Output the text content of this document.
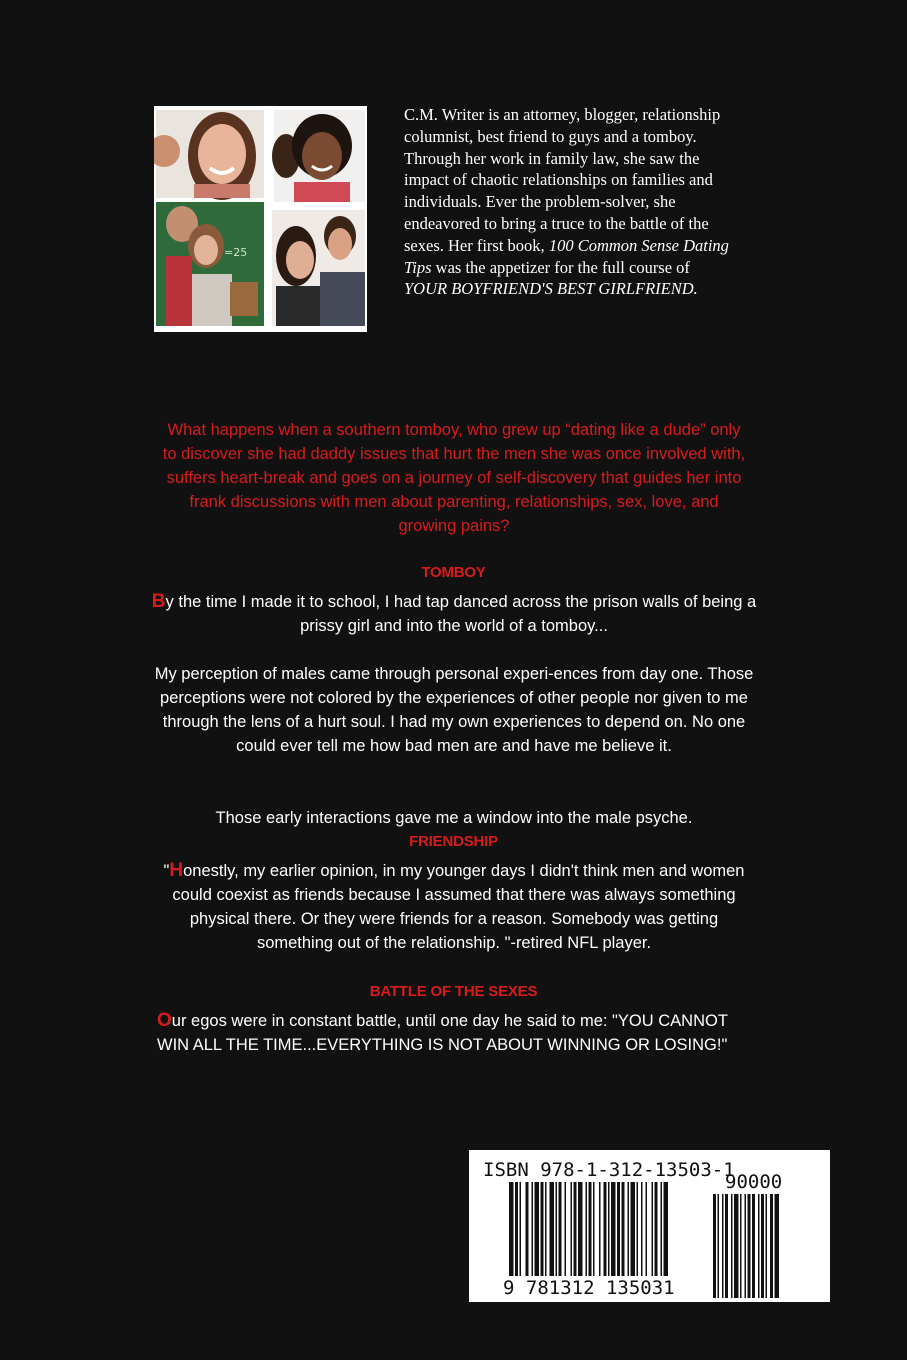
=25
C.M. Writer is an attorney, blogger, relationship columnist, best friend to guys and a tomboy. Through her work in family law, she saw the impact of chaotic relationships on families and individuals. Ever the problem-solver, she endeavored to bring a truce to the battle of the sexes. Her first book, 100 Common Sense Dating Tips was the appetizer for the full course of
YOUR BOYFRIEND'S BEST GIRLFRIEND.
What happens when a southern tomboy, who grew up “dating like a dude” only to discover she had daddy issues that hurt the men she was once involved with, suffers heart-break and goes on a journey of self-discovery that guides her into frank discussions with men about parenting, relationships, sex, love, and growing pains?
TOMBOY
By the time I made it to school, I had tap danced across the prison walls of being a prissy girl and into the world of a tomboy...
My perception of males came through personal experi-ences from day one. Those perceptions were not colored by the experiences of other people nor given to me through the lens of a hurt soul. I had my own experiences to depend on. No one could ever tell me how bad men are and have me believe it.
Those early interactions gave me a window into the male psyche.
FRIENDSHIP
"Honestly, my earlier opinion, in my younger days I didn't think men and women could coexist as friends because I assumed that there was always something physical there. Or they were friends for a reason. Somebody was getting something out of the relationship. "-retired NFL player.
BATTLE OF THE SEXES
Our egos were in constant battle, until one day he said to me: "YOU CANNOT WIN ALL THE TIME...EVERYTHING IS NOT ABOUT WINNING OR LOSING!"
ISBN 978-1-312-13503-1
90000
9 781312 135031
